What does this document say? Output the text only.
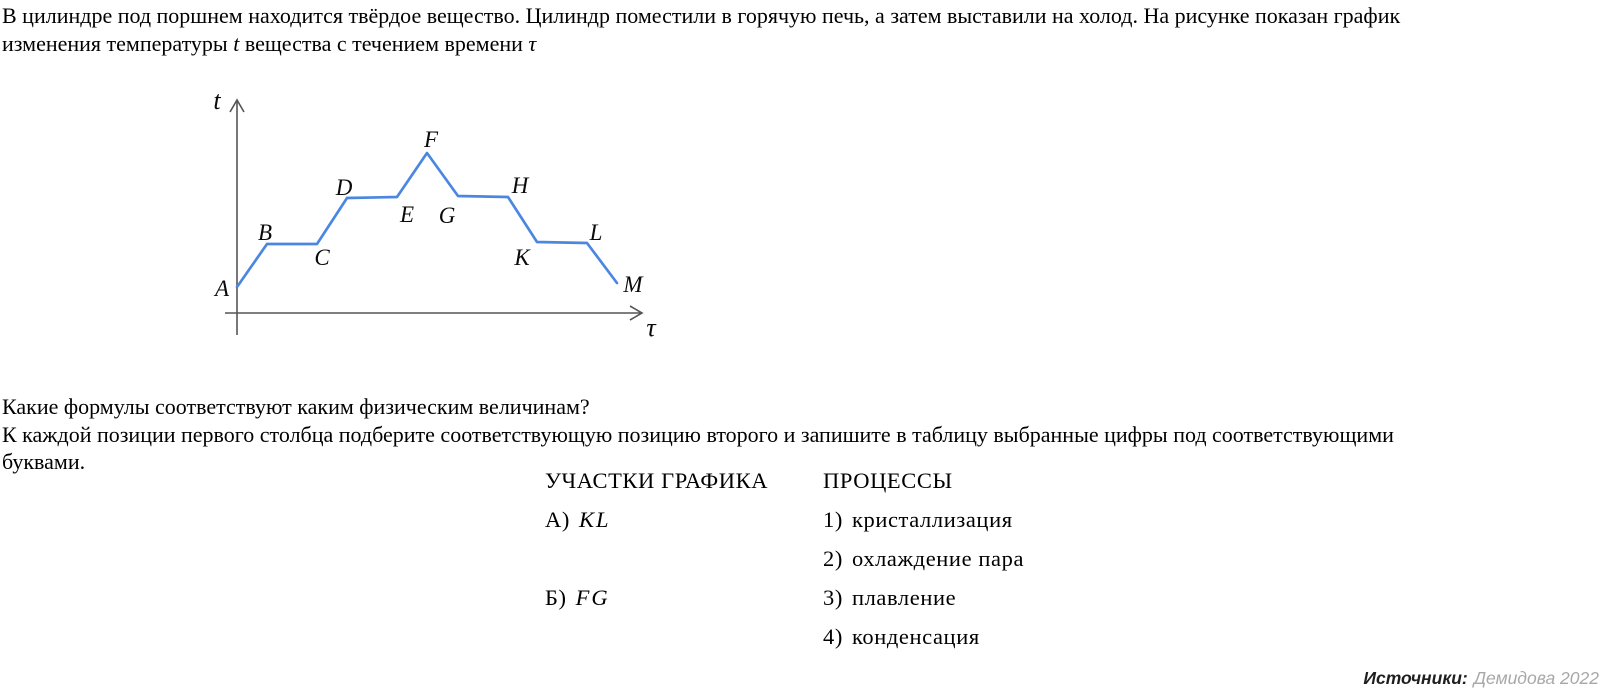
В цилиндре под поршнем находится твёрдое вещество. Цилиндр поместили в горячую печь, а затем выставили на холод. На рисунке показан график
изменения температуры t вещества с течением времени τ
t
τ
A
B
C
D
E
F
G
H
K
L
M
Какие формулы соответствуют каким физическим величинам?
К каждой позиции первого столбца подберите соответствующую позицию второго и запишите в таблицу выбранные цифры под соответствующими
буквами.
УЧАСТКИ ГРАФИКА	ПРОЦЕССЫ
А) KL	1) кристаллизация
2) охлаждение пара
Б) FG	3) плавление
4) конденсация
Источники: Демидова 2022
